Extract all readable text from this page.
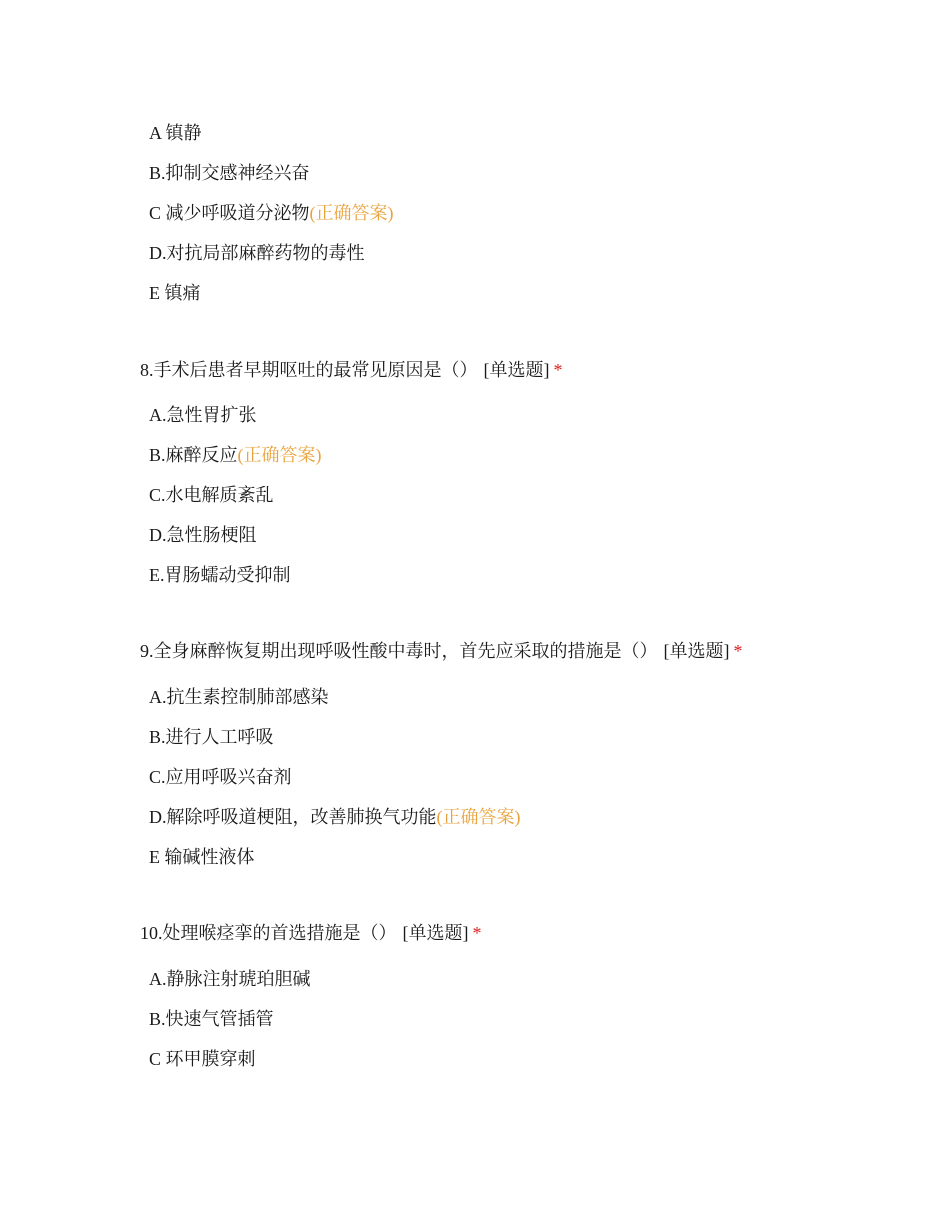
A 镇静
B.抑制交感神经兴奋
C 减少呼吸道分泌物(正确答案)
D.对抗局部麻醉药物的毒性
E 镇痛
8.手术后患者早期呕吐的最常见原因是（） [单选题] *
A.急性胃扩张
B.麻醉反应(正确答案)
C.水电解质紊乱
D.急性肠梗阻
E.胃肠蠕动受抑制
9.全身麻醉恢复期出现呼吸性酸中毒时，首先应采取的措施是（） [单选题] *
A.抗生素控制肺部感染
B.进行人工呼吸
C.应用呼吸兴奋剂
D.解除呼吸道梗阻，改善肺换气功能(正确答案)
E 输碱性液体
10.处理喉痉挛的首选措施是（） [单选题] *
A.静脉注射琥珀胆碱
B.快速气管插管
C 环甲膜穿刺
